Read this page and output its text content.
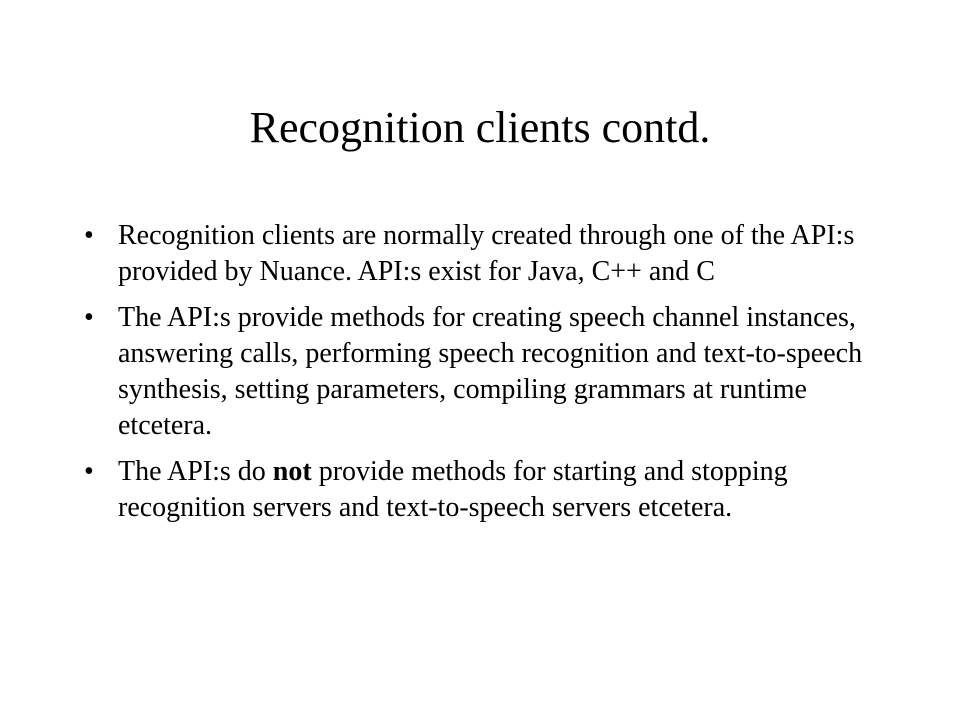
Recognition clients contd.
• Recognition clients are normally created through one of the API:s provided by Nuance. API:s exist for Java, C++ and C
• The API:s provide methods for creating speech channel instances, answering calls, performing speech recognition and text-to-speech synthesis, setting parameters, compiling grammars at runtime etcetera.
• The API:s do not provide methods for starting and stopping recognition servers and text-to-speech servers etcetera.
